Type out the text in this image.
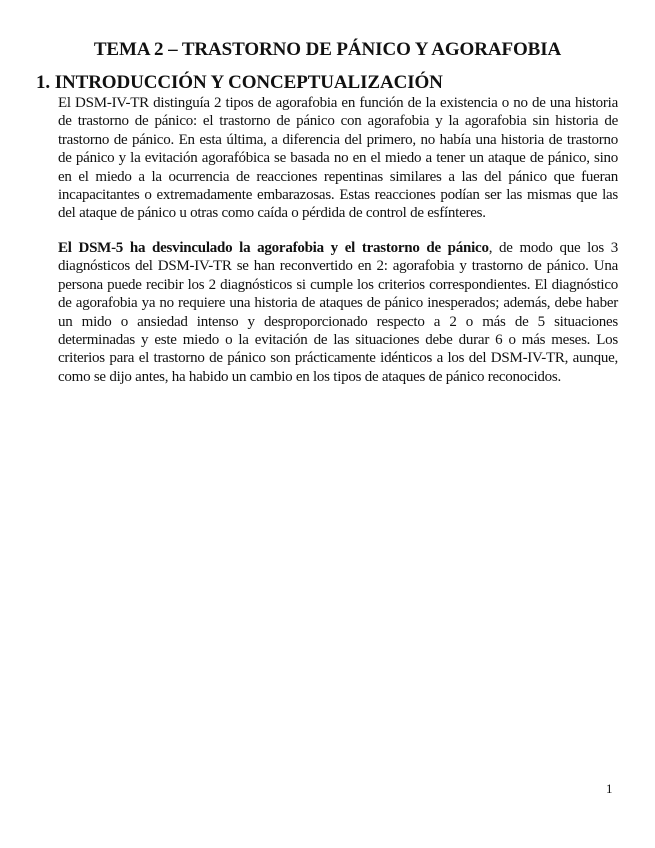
TEMA 2 – TRASTORNO DE PÁNICO Y AGORAFOBIA
1. INTRODUCCIÓN Y CONCEPTUALIZACIÓN

El DSM-IV-TR distinguía 2 tipos de agorafobia en función de la existencia o no de una historia de trastorno de pánico: el trastorno de pánico con agorafobia y la agorafobia sin historia de trastorno de pánico. En esta última, a diferencia del primero, no había una historia de trastorno de pánico y la evitación agorafóbica se basada no en el miedo a tener un ataque de pánico, sino en el miedo a la ocurrencia de reacciones repentinas similares a las del pánico que fueran incapacitantes o extremadamente embarazosas. Estas reacciones podían ser las mismas que las del ataque de pánico u otras como caída o pérdida de control de esfínteres.

El DSM-5 ha desvinculado la agorafobia y el trastorno de pánico, de modo que los 3 diagnósticos del DSM-IV-TR se han reconvertido en 2: agorafobia y trastorno de pánico. Una persona puede recibir los 2 diagnósticos si cumple los criterios correspondientes. El diagnóstico de agorafobia ya no requiere una historia de ataques de pánico inesperados; además, debe haber un mido o ansiedad intenso y desproporcionado respecto a 2 o más de 5 situaciones determinadas y este miedo o la evitación de las situaciones debe durar 6 o más meses. Los criterios para el trastorno de pánico son prácticamente idénticos a los del DSM-IV-TR, aunque, como se dijo antes, ha habido un cambio en los tipos de ataques de pánico reconocidos.

1
